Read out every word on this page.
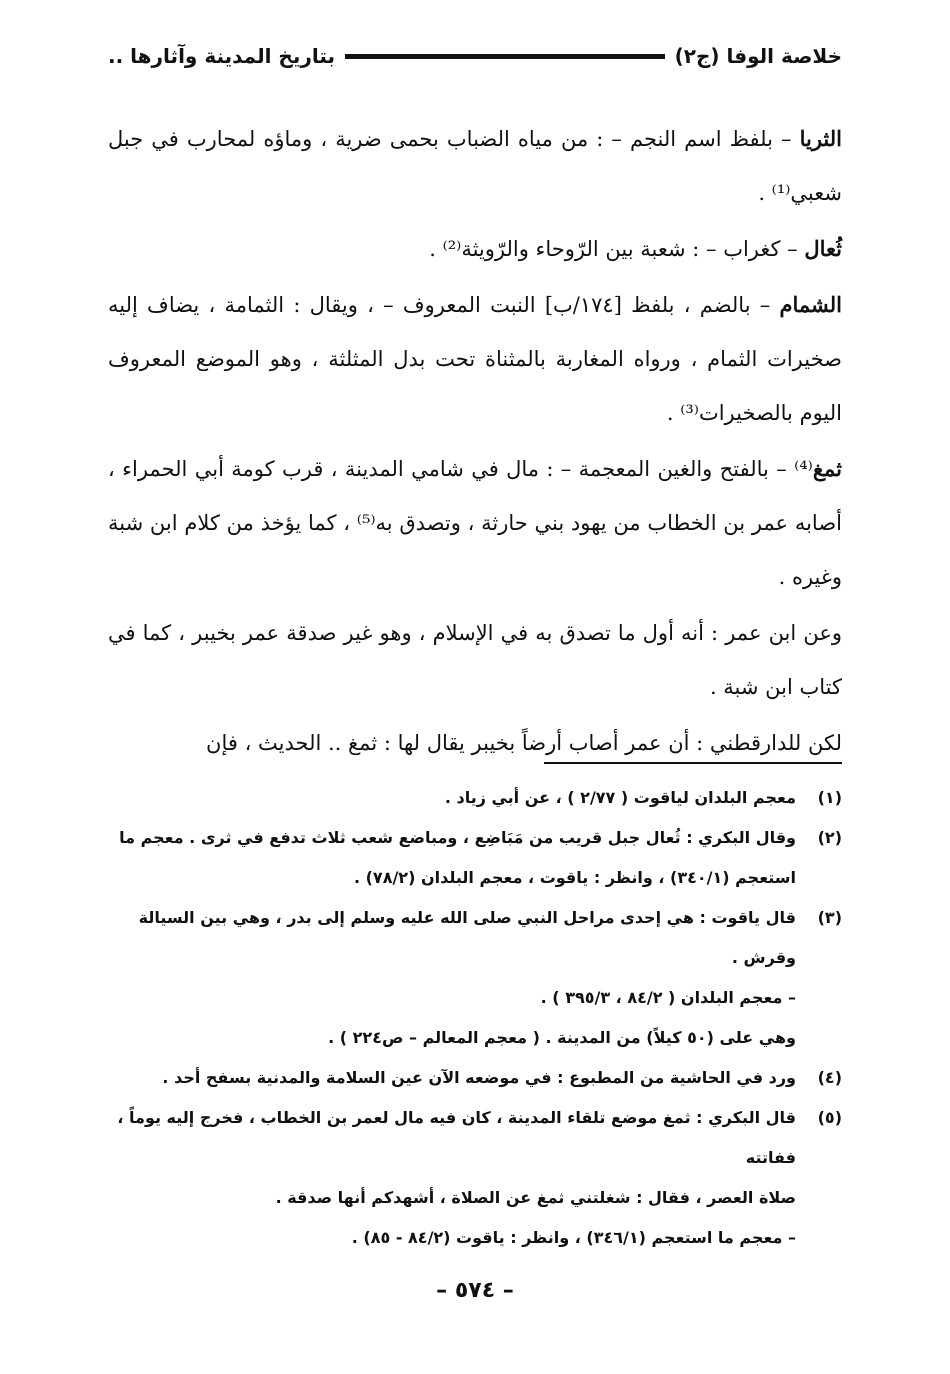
خلاصة الوفا (ج٢)
بتاريخ المدينة وآثارها ..

الثريا – بلفظ اسم النجم – : من مياه الضباب بحمى ضرية ، وماؤه لمحارب في جبل شعبي⁽¹⁾ .

ثُعال – كغراب – : شعبة بين الرّوحاء والرّويثة⁽²⁾ .

الشمام – بالضم ، بلفظ [١٧٤/ب] النبت المعروف – ، ويقال : الثمامة ، يضاف إليه صخيرات الثمام ، ورواه المغاربة بالمثناة تحت بدل المثلثة ، وهو الموضع المعروف اليوم بالصخيرات⁽³⁾ .

ثمغ⁽⁴⁾ – بالفتح والغين المعجمة – : مال في شامي المدينة ، قرب كومة أبي الحمراء ، أصابه عمر بن الخطاب من يهود بني حارثة ، وتصدق به⁽⁵⁾ ، كما يؤخذ من كلام ابن شبة وغيره .

وعن ابن عمر : أنه أول ما تصدق به في الإسلام ، وهو غير صدقة عمر بخيبر ، كما في كتاب ابن شبة .

لكن للدارقطني : أن عمر أصاب أرضاً بخيبر يقال لها : ثمغ .. الحديث ، فإن

(١)
معجم البلدان لياقوت ( ٢/٧٧ ) ، عن أبي زياد .
(٢)
وقال البكري : ثُعال جبل قريب من مَبَاضِع ، ومباضع شعب ثلاث تدفع في ثرى . معجم ما
استعجم (٣٤٠/١) ، وانظر : ياقوت ، معجم البلدان (٧٨/٢) .
(٣)
قال ياقوت : هي إحدى مراحل النبي صلى الله عليه وسلم إلى بدر ، وهي بين السيالة وقرش .
– معجم البلدان ( ٨٤/٢ ، ٣٩٥/٣ ) .
وهي على (٥٠ كيلاً) من المدينة . ( معجم المعالم – ص٢٢٤ ) .
(٤)
ورد في الحاشية من المطبوع : في موضعه الآن عين السلامة والمدنية بسفح أحد .
(٥)
قال البكري : ثمغ موضع تلقاء المدينة ، كان فيه مال لعمر بن الخطاب ، فخرج إليه يوماً ، ففاتته
صلاة العصر ، فقال : شغلتني ثمغ عن الصلاة ، أشهدكم أنها صدقة .
– معجم ما استعجم (٣٤٦/١) ، وانظر : ياقوت (٨٤/٢ - ٨٥) .
– ٥٧٤ –
